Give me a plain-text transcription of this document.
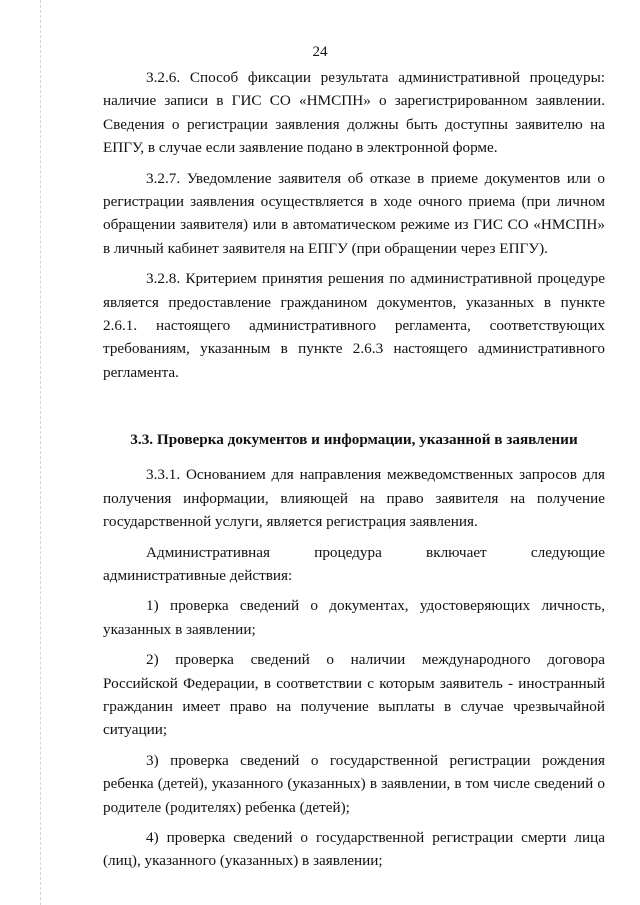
24

3.2.6. Способ фиксации результата административной процедуры: наличие записи в ГИС СО «НМСПН» о зарегистрированном заявлении. Сведения о регистрации заявления должны быть доступны заявителю на ЕПГУ, в случае если заявление подано в электронной форме.

3.2.7. Уведомление заявителя об отказе в приеме документов или о регистрации заявления осуществляется в ходе очного приема (при личном обращении заявителя) или в автоматическом режиме из ГИС СО «НМСПН» в личный кабинет заявителя на ЕПГУ (при обращении через ЕПГУ).

3.2.8. Критерием принятия решения по административной процедуре является предоставление гражданином документов, указанных в пункте 2.6.1. настоящего административного регламента, соответствующих требованиям, указанным в пункте 2.6.3 настоящего административного регламента.

3.3. Проверка документов и информации, указанной в заявлении

3.3.1. Основанием для направления межведомственных запросов для получения информации, влияющей на право заявителя на получение государственной услуги, является регистрация заявления.

Административная процедура включает следующие административные действия:

1) проверка сведений о документах, удостоверяющих личность, указанных в заявлении;

2) проверка сведений о наличии международного договора Российской Федерации, в соответствии с которым заявитель - иностранный гражданин имеет право на получение выплаты в случае чрезвычайной ситуации;

3) проверка сведений о государственной регистрации рождения ребенка (детей), указанного (указанных) в заявлении, в том числе сведений о родителе (родителях) ребенка (детей);

4) проверка сведений о государственной регистрации смерти лица (лиц), указанного (указанных) в заявлении;
